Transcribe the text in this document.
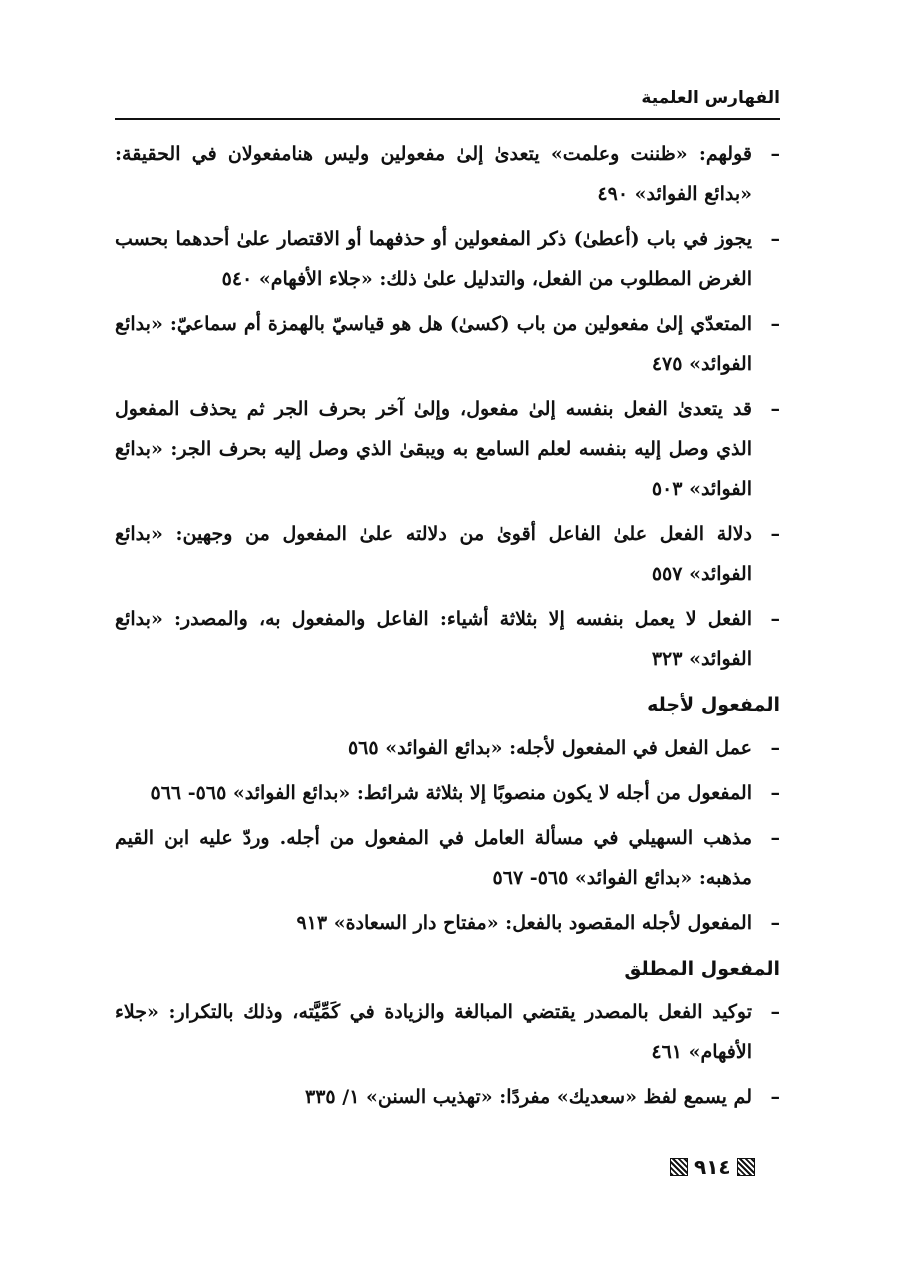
الفهارس العلمية
–
قولهم: «ظننت وعلمت» يتعدىٰ إلىٰ مفعولين وليس هنامفعولان في الحقيقة: «بدائع الفوائد» ٤٩٠
–
يجوز في باب (أعطىٰ) ذكر المفعولين أو حذفهما أو الاقتصار علىٰ أحدهما بحسب الغرض المطلوب من الفعل، والتدليل علىٰ ذلك: «جلاء الأفهام» ٥٤٠
–
المتعدّي إلىٰ مفعولين من باب (كسىٰ) هل هو قياسيّ بالهمزة أم سماعيّ: «بدائع الفوائد» ٤٧٥
–
قد يتعدىٰ الفعل بنفسه إلىٰ مفعول، وإلىٰ آخر بحرف الجر ثم يحذف المفعول الذي وصل إليه بنفسه لعلم السامع به ويبقىٰ الذي وصل إليه بحرف الجر: «بدائع الفوائد» ٥٠٣
–
دلالة الفعل علىٰ الفاعل أقوىٰ من دلالته علىٰ المفعول من وجهين: «بدائع الفوائد» ٥٥٧
–
الفعل لا يعمل بنفسه إلا بثلاثة أشياء: الفاعل والمفعول به، والمصدر: «بدائع الفوائد» ٣٢٣
المفعول لأجله
–
عمل الفعل في المفعول لأجله: «بدائع الفوائد» ٥٦٥
–
المفعول من أجله لا يكون منصوبًا إلا بثلاثة شرائط: «بدائع الفوائد» ٥٦٥- ٥٦٦
–
مذهب السهيلي في مسألة العامل في المفعول من أجله. وردّ عليه ابن القيم مذهبه: «بدائع الفوائد» ٥٦٥- ٥٦٧
–
المفعول لأجله المقصود بالفعل: «مفتاح دار السعادة» ٩١٣
المفعول المطلق
–
توكيد الفعل بالمصدر يقتضي المبالغة والزيادة في كَمِّيَّته، وذلك بالتكرار: «جلاء الأفهام» ٤٦١
–
لم يسمع لفظ «سعديك» مفردًا: «تهذيب السنن» ١/ ٣٣٥
٩١٤
